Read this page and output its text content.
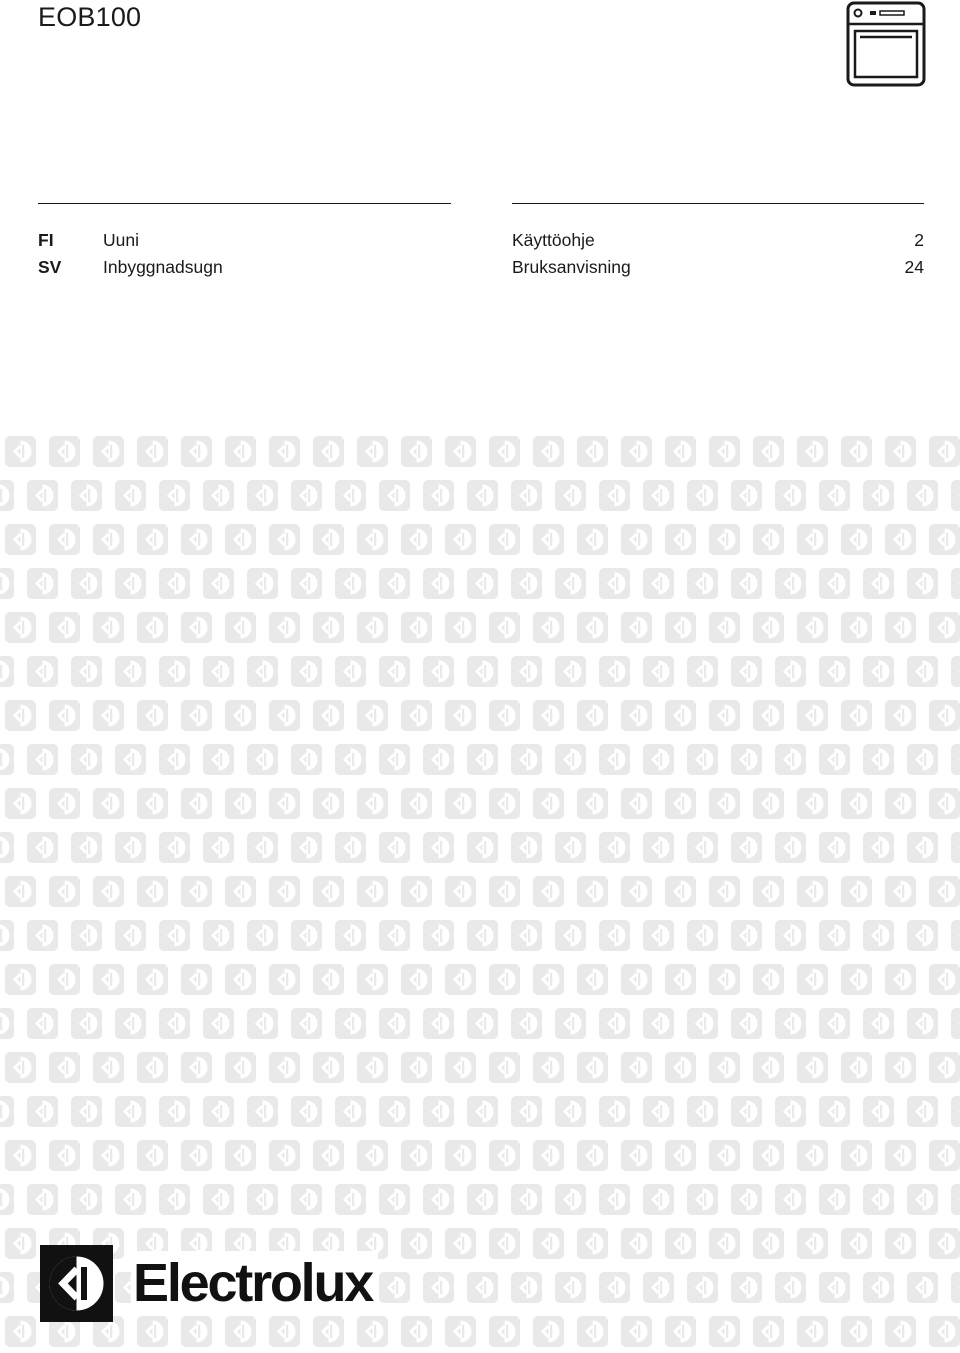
EOB100
FI	Uuni	Käyttöohje	2
SV Inbyggnadsugn	Bruksanvisning	24
Electrolux
